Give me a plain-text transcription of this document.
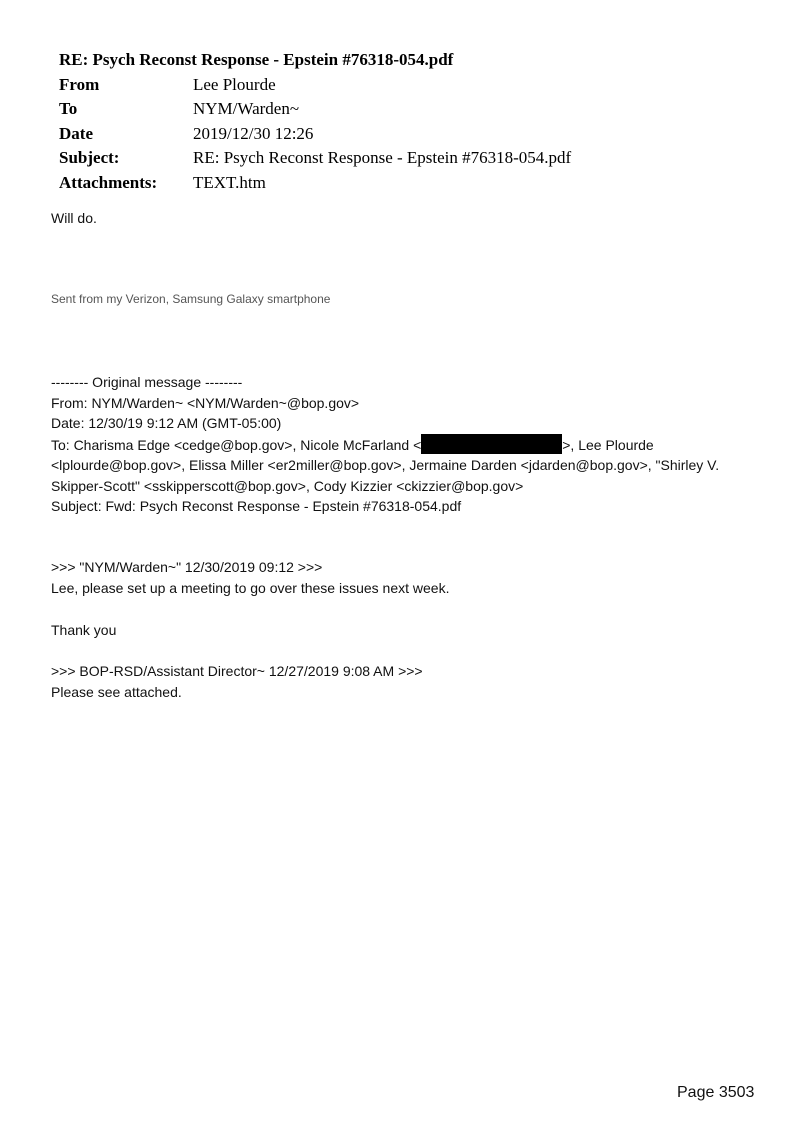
RE: Psych Reconst Response - Epstein #76318-054.pdf
From	Lee Plourde
To	NYM/Warden~
Date	2019/12/30 12:26
Subject:	RE: Psych Reconst Response - Epstein #76318-054.pdf
Attachments:	TEXT.htm
Will do.
Sent from my Verizon, Samsung Galaxy smartphone

-------- Original message --------

From: NYM/Warden~ <NYM/Warden~@bop.gov>

Date: 12/30/19 9:12 AM (GMT-05:00)

To: Charisma Edge <cedge@bop.gov>, Nicole McFarland <	>, Lee Plourde <lplourde@bop.gov>, Elissa Miller <er2miller@bop.gov>, Jermaine Darden <jdarden@bop.gov>, "Shirley V. Skipper-Scott" <sskipperscott@bop.gov>, Cody Kizzier <ckizzier@bop.gov>

Subject: Fwd: Psych Reconst Response - Epstein #76318-054.pdf

>>> "NYM/Warden~" 12/30/2019 09:12 >>>
Lee, please set up a meeting to go over these issues next week.
Thank you
>>> BOP-RSD/Assistant Director~ 12/27/2019 9:08 AM >>>
Please see attached.
Page 3503
